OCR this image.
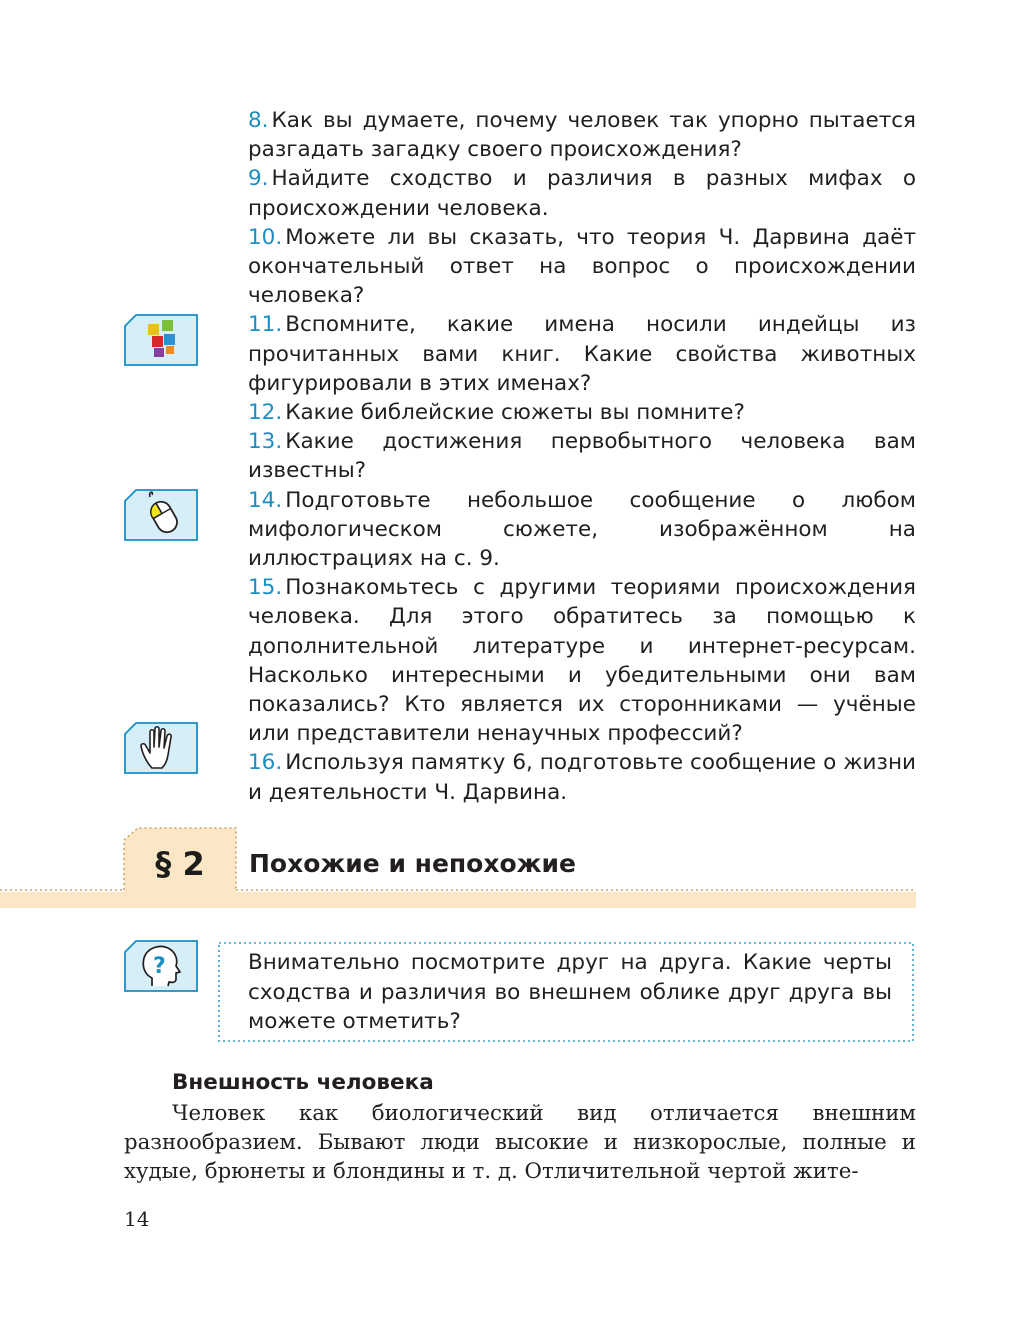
8. Как вы думаете, почему человек так упорно пытается разгадать загадку своего происхождения?
9. Найдите сходство и различия в разных мифах о происхождении человека.
10. Можете ли вы сказать, что теория Ч. Дарвина даёт окончательный ответ на вопрос о происхождении человека?
11. Вспомните, какие имена носили индейцы из прочитанных вами книг. Какие свойства животных фигурировали в этих именах?
12. Какие библейские сюжеты вы помните?
13. Какие достижения первобытного человека вам известны?
14. Подготовьте небольшое сообщение о любом мифологическом сюжете, изображённом на иллюстрациях на с. 9.
15. Познакомьтесь с другими теориями происхождения человека. Для этого обратитесь за помощью к дополнительной литературе и интернет-ресурсам. Насколько интересными и убедительными они вам показались? Кто является их сторонниками — учёные или представители ненаучных профессий?
16. Используя памятку 6, подготовьте сообщение о жизни и деятельности Ч. Дарвина.
§ 2	Похожие и непохожие
?	Внимательно посмотрите друг на друга. Какие черты сходства и различия во внешнем облике друг друга вы можете отметить?
Внешность человека
Человек как биологический вид отличается внешним разнообразием. Бывают люди высокие и низкорослые, полные и худые, брюнеты и блондины и т. д. Отличительной чертой жите-
14
